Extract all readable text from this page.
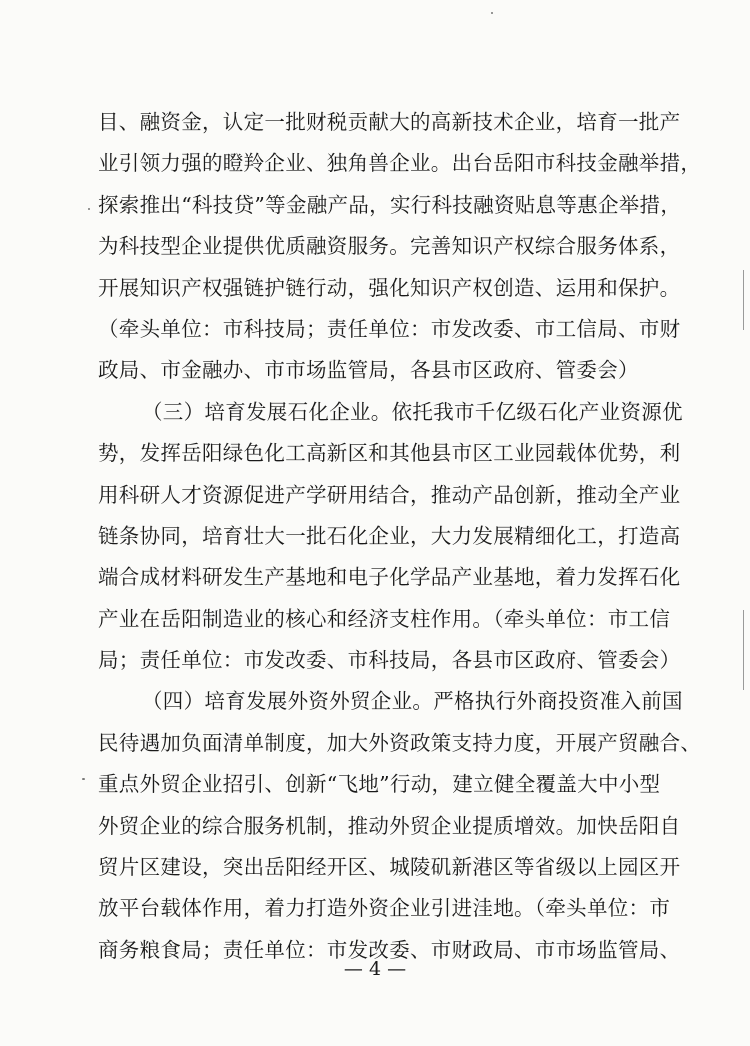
目、融资金，认定一批财税贡献大的高新技术企业，培育一批产
业引领力强的瞪羚企业、独角兽企业。出台岳阳市科技金融举措，
探索推出“科技贷”等金融产品，实行科技融资贴息等惠企举措，
为科技型企业提供优质融资服务。完善知识产权综合服务体系，
开展知识产权强链护链行动，强化知识产权创造、运用和保护。
（牵头单位：市科技局；责任单位：市发改委、市工信局、市财
政局、市金融办、市市场监管局，各县市区政府、管委会）
（三）培育发展石化企业。依托我市千亿级石化产业资源优
势，发挥岳阳绿色化工高新区和其他县市区工业园载体优势，利
用科研人才资源促进产学研用结合，推动产品创新，推动全产业
链条协同，培育壮大一批石化企业，大力发展精细化工，打造高
端合成材料研发生产基地和电子化学品产业基地，着力发挥石化
产业在岳阳制造业的核心和经济支柱作用。（牵头单位：市工信
局；责任单位：市发改委、市科技局，各县市区政府、管委会）
（四）培育发展外资外贸企业。严格执行外商投资准入前国
民待遇加负面清单制度，加大外资政策支持力度，开展产贸融合、
重点外贸企业招引、创新“飞地”行动，建立健全覆盖大中小型
外贸企业的综合服务机制，推动外贸企业提质增效。加快岳阳自
贸片区建设，突出岳阳经开区、城陵矶新港区等省级以上园区开
放平台载体作用，着力打造外资企业引进洼地。（牵头单位：市
商务粮食局；责任单位：市发改委、市财政局、市市场监管局、
— 4 —
